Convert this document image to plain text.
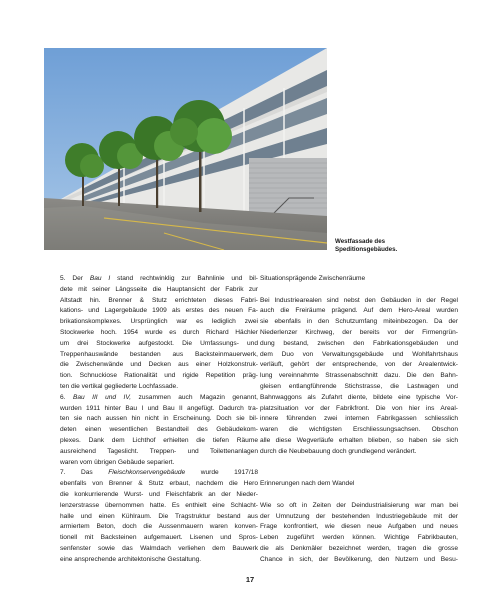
Westfassade des
Speditionsgebäudes.
5. Der Bau I stand rechtwinklig zur Bahnlinie und bil-
dete mit seiner Längsseite die Hauptansicht der Fabrik zur
Altstadt hin. Brenner & Stutz errichteten dieses Fabri-
kations- und Lagergebäude 1909 als erstes des neuen Fa-
brikationskomplexes. Ursprünglich war es lediglich zwei
Stockwerke hoch. 1954 wurde es durch Richard Hächler
um drei Stockwerke aufgestockt. Die Umfassungs- und
Treppenhauswände bestanden aus Backsteinmauerwerk,
die Zwischenwände und Decken aus einer Holzkonstruk-
tion. Schnuckiose Rationalität und rigide Repetition präg-
ten die vertikal gegliederte Lochfassade.
6. Bau III und IV, zusammen auch Magazin genannt,
wurden 1911 hinter Bau I und Bau II angefügt. Dadurch tra-
ten sie nach aussen hin nicht in Erscheinung. Doch sie bil-
deten einen wesentlichen Bestandteil des Gebäudekom-
plexes. Dank dem Lichthof erhielten die tiefen Räume
ausreichend Tageslicht. Treppen- und Toilettenanlagen
waren vom übrigen Gebäude separiert.
7. Das Fleischkonservengebäude wurde 1917/18
ebenfalls von Brenner & Stutz erbaut, nachdem die Hero
die konkurrierende Wurst- und Fleischfabrik an der Nieder-
lenzerstrasse übernommen hatte. Es enthielt eine Schlacht-
halle und einen Kühlraum. Die Tragstruktur bestand aus
armiertem Beton, doch die Aussenmauern waren konven-
tionell mit Backsteinen aufgemauert. Lisenen und Spros-
senfenster sowie das Walmdach verliehen dem Bauwerk
eine ansprechende architektonische Gestaltung.
Situationsprägende Zwischenräume
Bei Industriearealen sind nebst den Gebäuden in der Regel
auch die Freiräume prägend. Auf dem Hero-Areal wurden
sie ebenfalls in den Schutzumfang miteinbezogen. Da der
Niederlenzer Kirchweg, der bereits vor der Firmengrün-
dung bestand, zwischen den Fabrikationsgebäuden und
dem Duo von Verwaltungsgebäude und Wohlfahrtshaus
verläuft, gehört der entsprechende, von der Arealentwick-
lung vereinnahmte Strassenabschnitt dazu. Die den Bahn-
gleisen entlangführende Stichstrasse, die Lastwagen und
Bahnwaggons als Zufahrt diente, bildete eine typische Vor-
platzsituation vor der Fabrikfront. Die von hier ins Areal-
innere führenden zwei internen Fabrikgassen schliesslich
waren die wichtigsten Erschliessungsachsen. Obschon
alle diese Wegverläufe erhalten blieben, so haben sie sich
durch die Neubebauung doch grundlegend verändert.
Erinnerungen nach dem Wandel
Wie so oft in Zeiten der Deindustrialisierung war man bei
der Umnutzung der bestehenden Industriegebäude mit der
Frage konfrontiert, wie diesen neue Aufgaben und neues
Leben zugeführt werden können. Wichtige Fabrikbauten,
die als Denkmäler bezeichnet werden, tragen die grosse
Chance in sich, der Bevölkerung, den Nutzern und Besu-
17
